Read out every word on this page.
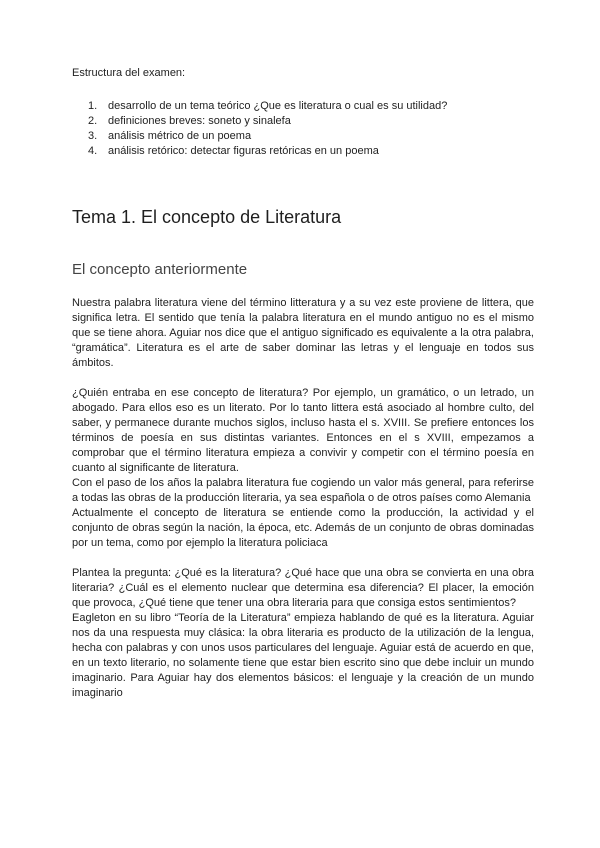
Estructura del examen:

1. desarrollo de un tema teórico ¿Que es literatura o cual es su utilidad?
2. definiciones breves: soneto y sinalefa
3. análisis métrico de un poema
4. análisis retórico: detectar figuras retóricas en un poema
Tema 1. El concepto de Literatura
El concepto anteriormente

Nuestra palabra literatura viene del término litteratura y a su vez este proviene de littera, que significa letra. El sentido que tenía la palabra literatura en el mundo antiguo no es el mismo que se tiene ahora. Aguiar nos dice que el antiguo significado es equivalente a la otra palabra, “gramática”. Literatura es el arte de saber dominar las letras y el lenguaje en todos sus ámbitos.

¿Quién entraba en ese concepto de literatura? Por ejemplo, un gramático, o un letrado, un abogado. Para ellos eso es un literato. Por lo tanto littera está asociado al hombre culto, del saber, y permanece durante muchos siglos, incluso hasta el s. XVIII. Se prefiere entonces los términos de poesía en sus distintas variantes. Entonces en el s XVIII, empezamos a comprobar que el término literatura empieza a convivir y competir con el término poesía en cuanto al significante de literatura.

Con el paso de los años la palabra literatura fue cogiendo un valor más general, para referirse a todas las obras de la producción literaria, ya sea española o de otros países como Alemania

Actualmente el concepto de literatura se entiende como la producción, la actividad y el conjunto de obras según la nación, la época, etc. Además de un conjunto de obras dominadas por un tema, como por ejemplo la literatura policiaca

Plantea la pregunta: ¿Qué es la literatura? ¿Qué hace que una obra se convierta en una obra literaria? ¿Cuál es el elemento nuclear que determina esa diferencia? El placer, la emoción que provoca, ¿Qué tiene que tener una obra literaria para que consiga estos sentimientos?

Eagleton en su libro “Teoría de la Literatura” empieza hablando de qué es la literatura. Aguiar nos da una respuesta muy clásica: la obra literaria es producto de la utilización de la lengua, hecha con palabras y con unos usos particulares del lenguaje. Aguiar está de acuerdo en que, en un texto literario, no solamente tiene que estar bien escrito sino que debe incluir un mundo imaginario. Para Aguiar hay dos elementos básicos: el lenguaje y la creación de un mundo imaginario
